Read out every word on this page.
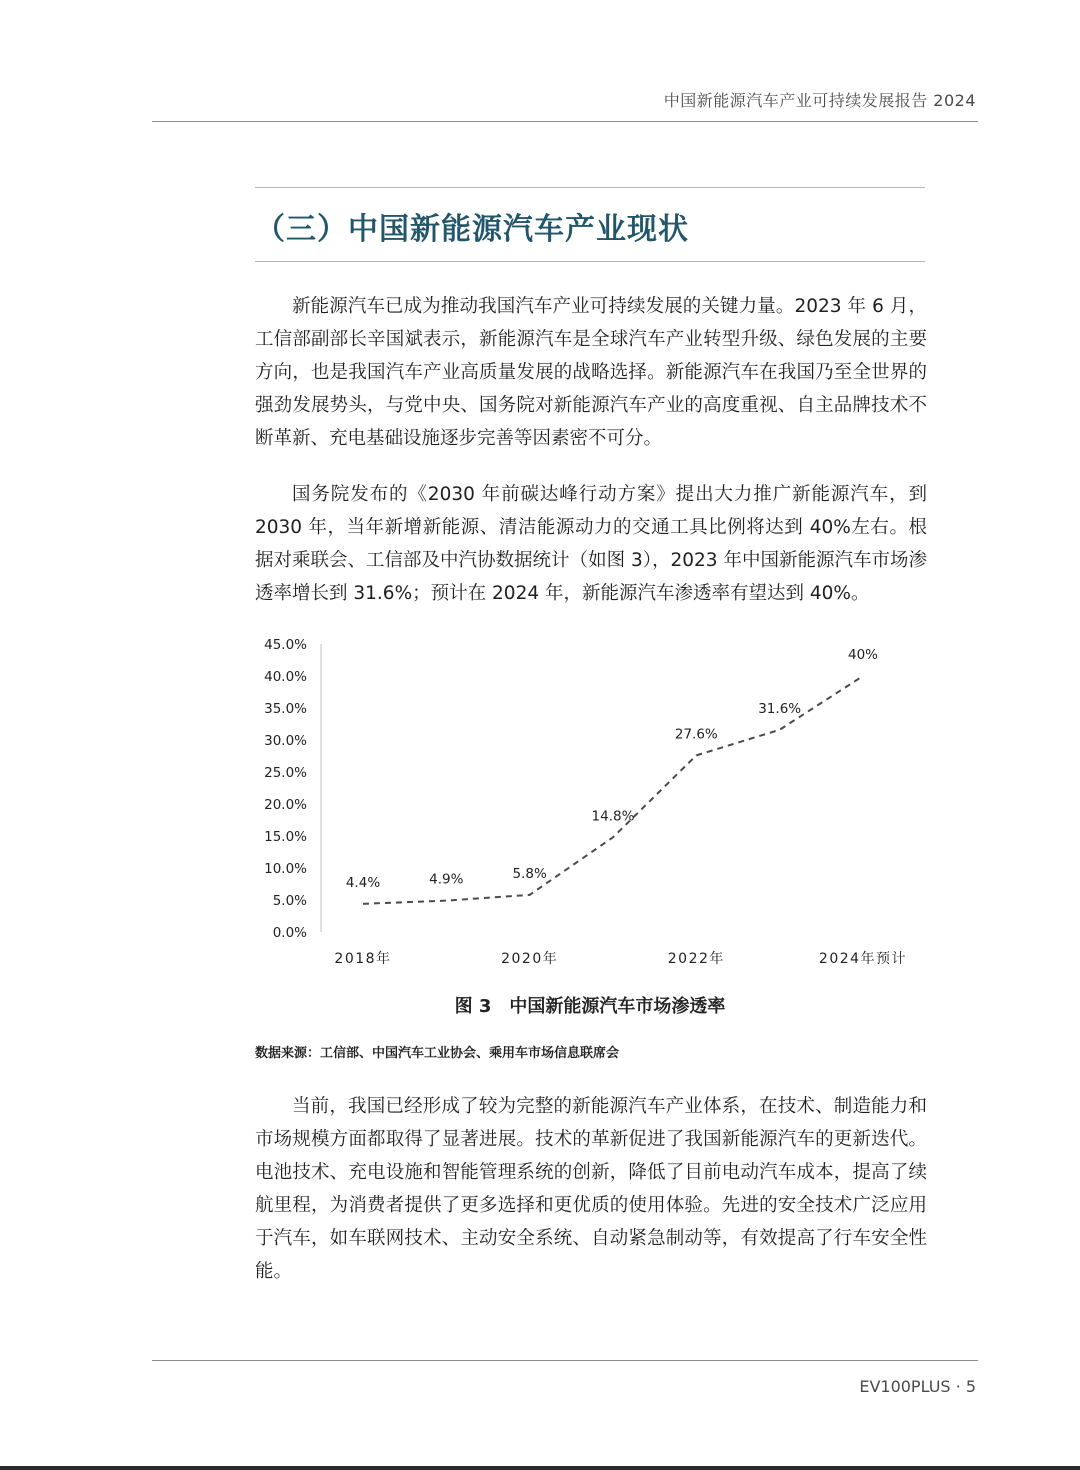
中国新能源汽车产业可持续发展报告 2024
（三）中国新能源汽车产业现状

新能源汽车已成为推动我国汽车产业可持续发展的关键力量。2023 年 6 月，工信部副部长辛国斌表示，新能源汽车是全球汽车产业转型升级、绿色发展的主要方向，也是我国汽车产业高质量发展的战略选择。新能源汽车在我国乃至全世界的强劲发展势头，与党中央、国务院对新能源汽车产业的高度重视、自主品牌技术不断革新、充电基础设施逐步完善等因素密不可分。

国务院发布的《2030 年前碳达峰行动方案》提出大力推广新能源汽车，到 2030 年，当年新增新能源、清洁能源动力的交通工具比例将达到 40%左右。根据对乘联会、工信部及中汽协数据统计（如图 3），2023 年中国新能源汽车市场渗透率增长到 31.6%；预计在 2024 年，新能源汽车渗透率有望达到 40%。

0.0%
5.0%
10.0%
15.0%
20.0%
25.0%
30.0%
35.0%
40.0%
45.0%
2018年	2020年	2022年	2024年预计
4.4%	4.9%	5.8%
14.8%
27.6%
31.6%
40%
图 3　中国新能源汽车市场渗透率
数据来源：工信部、中国汽车工业协会、乘用车市场信息联席会

当前，我国已经形成了较为完整的新能源汽车产业体系，在技术、制造能力和市场规模方面都取得了显著进展。技术的革新促进了我国新能源汽车的更新迭代。电池技术、充电设施和智能管理系统的创新，降低了目前电动汽车成本，提高了续航里程，为消费者提供了更多选择和更优质的使用体验。先进的安全技术广泛应用于汽车，如车联网技术、主动安全系统、自动紧急制动等，有效提高了行车安全性能。

EV100PLUS · 5
